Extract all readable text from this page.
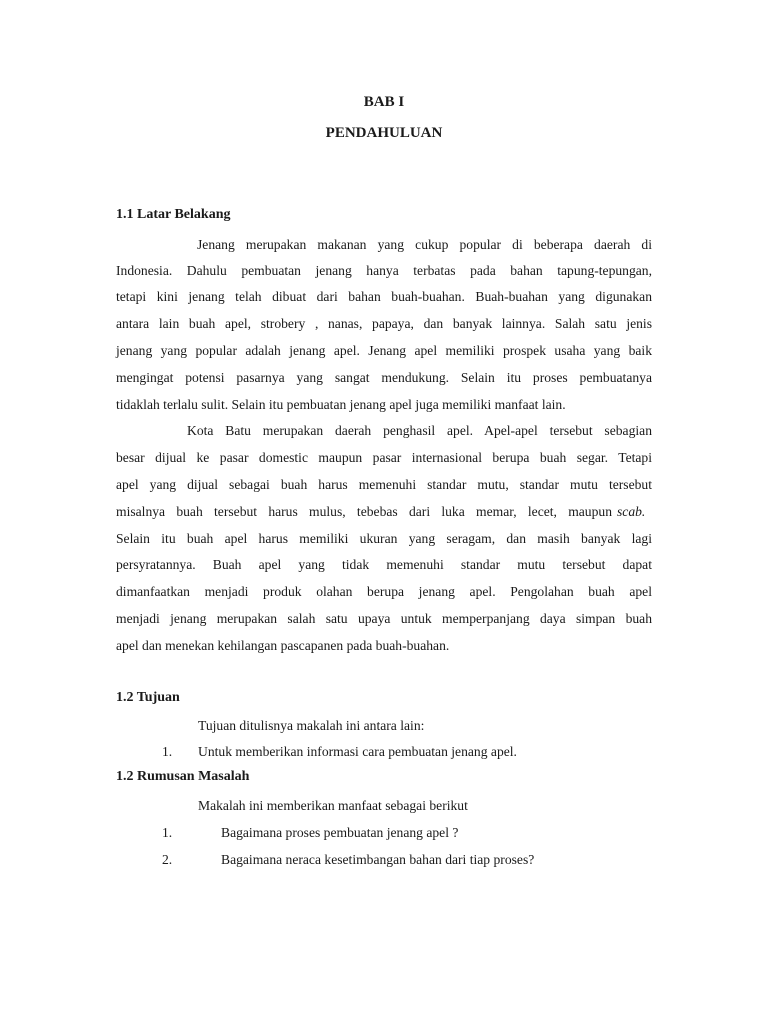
BAB I
PENDAHULUAN
1.1 Latar Belakang
Jenang merupakan makanan yang cukup popular di beberapa daerah di
Indonesia. Dahulu pembuatan jenang hanya terbatas pada bahan tapung-tepungan,
tetapi kini jenang telah dibuat dari bahan buah-buahan. Buah-buahan yang digunakan
antara lain buah apel, strobery , nanas, papaya, dan banyak lainnya. Salah satu jenis
jenang yang popular adalah jenang apel. Jenang apel memiliki prospek usaha yang baik
mengingat potensi pasarnya yang sangat mendukung. Selain itu proses pembuatanya
tidaklah terlalu sulit. Selain itu pembuatan jenang apel juga memiliki manfaat lain.
Kota Batu merupakan daerah penghasil apel. Apel-apel tersebut sebagian
besar dijual ke pasar domestic maupun pasar internasional berupa buah segar. Tetapi
apel yang dijual sebagai buah harus memenuhi standar mutu, standar mutu tersebut
misalnya buah tersebut harus mulus, tebebas dari luka memar, lecet, maupun scab.
Selain itu buah apel harus memiliki ukuran yang seragam, dan masih banyak lagi
persyratannya. Buah apel yang tidak memenuhi standar mutu tersebut dapat
dimanfaatkan menjadi produk olahan berupa jenang apel. Pengolahan buah apel
menjadi jenang merupakan salah satu upaya untuk memperpanjang daya simpan buah
apel dan menekan kehilangan pascapanen pada buah-buahan.
1.2 Tujuan
Tujuan ditulisnya makalah ini antara lain:
1. Untuk memberikan informasi cara pembuatan jenang apel.
1.2 Rumusan Masalah
Makalah ini memberikan manfaat sebagai berikut
1.	Bagaimana proses pembuatan jenang apel ?
2.	Bagaimana neraca kesetimbangan bahan dari tiap proses?
